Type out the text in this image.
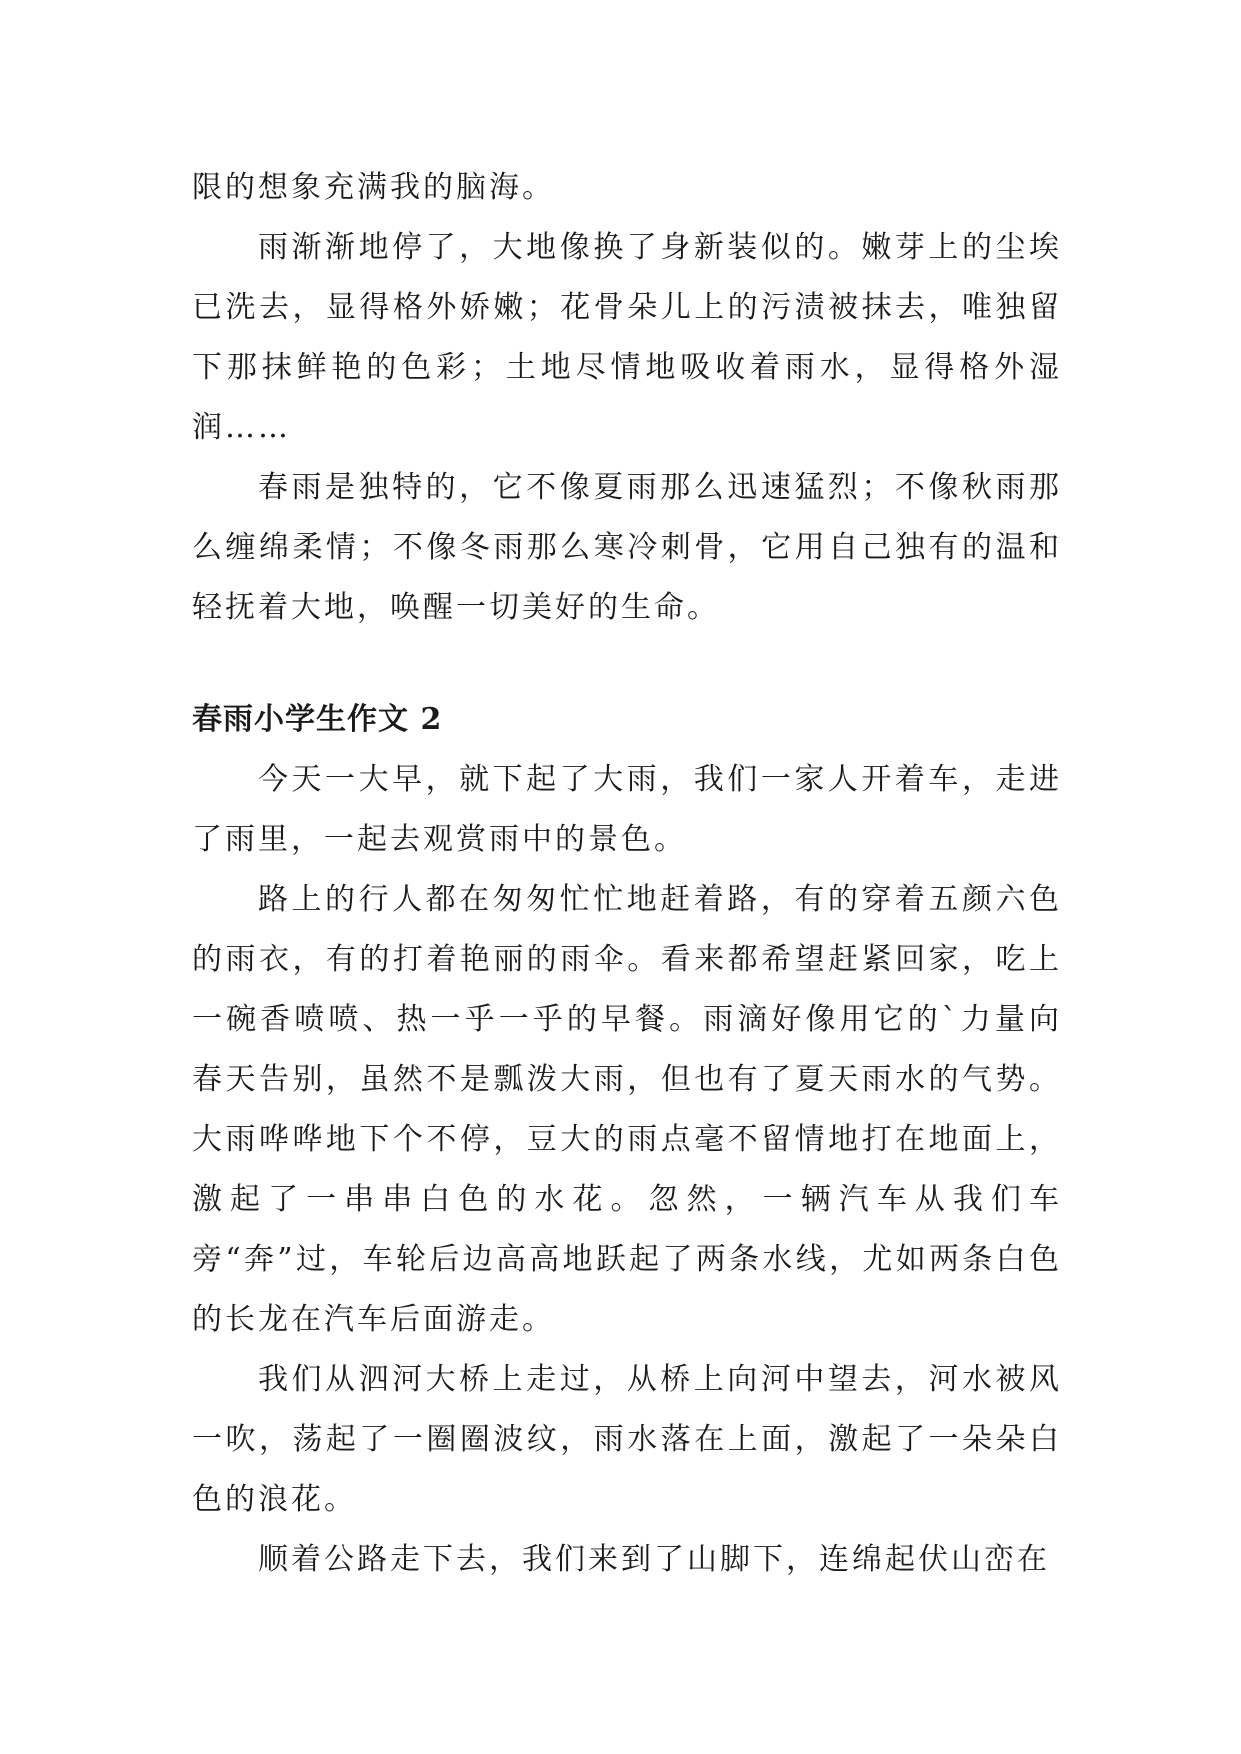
限的想象充满我的脑海。

雨渐渐地停了，大地像换了身新装似的。嫩芽上的尘埃已洗去，显得格外娇嫩；花骨朵儿上的污渍被抹去，唯独留下那抹鲜艳的色彩；土地尽情地吸收着雨水，显得格外湿润……

春雨是独特的，它不像夏雨那么迅速猛烈；不像秋雨那么缠绵柔情；不像冬雨那么寒冷刺骨，它用自己独有的温和轻抚着大地，唤醒一切美好的生命。

春雨小学生作文 2

今天一大早，就下起了大雨，我们一家人开着车，走进了雨里，一起去观赏雨中的景色。

路上的行人都在匆匆忙忙地赶着路，有的穿着五颜六色的雨衣，有的打着艳丽的雨伞。看来都希望赶紧回家，吃上一碗香喷喷、热一乎一乎的早餐。雨滴好像用它的`力量向春天告别，虽然不是瓢泼大雨，但也有了夏天雨水的气势。大雨哗哗地下个不停，豆大的雨点毫不留情地打在地面上，激起了一串串白色的水花。忽然，一辆汽车从我们车旁“奔”过，车轮后边高高地跃起了两条水线，尤如两条白色的长龙在汽车后面游走。

我们从泗河大桥上走过，从桥上向河中望去，河水被风一吹，荡起了一圈圈波纹，雨水落在上面，激起了一朵朵白色的浪花。

顺着公路走下去，我们来到了山脚下，连绵起伏山峦在
